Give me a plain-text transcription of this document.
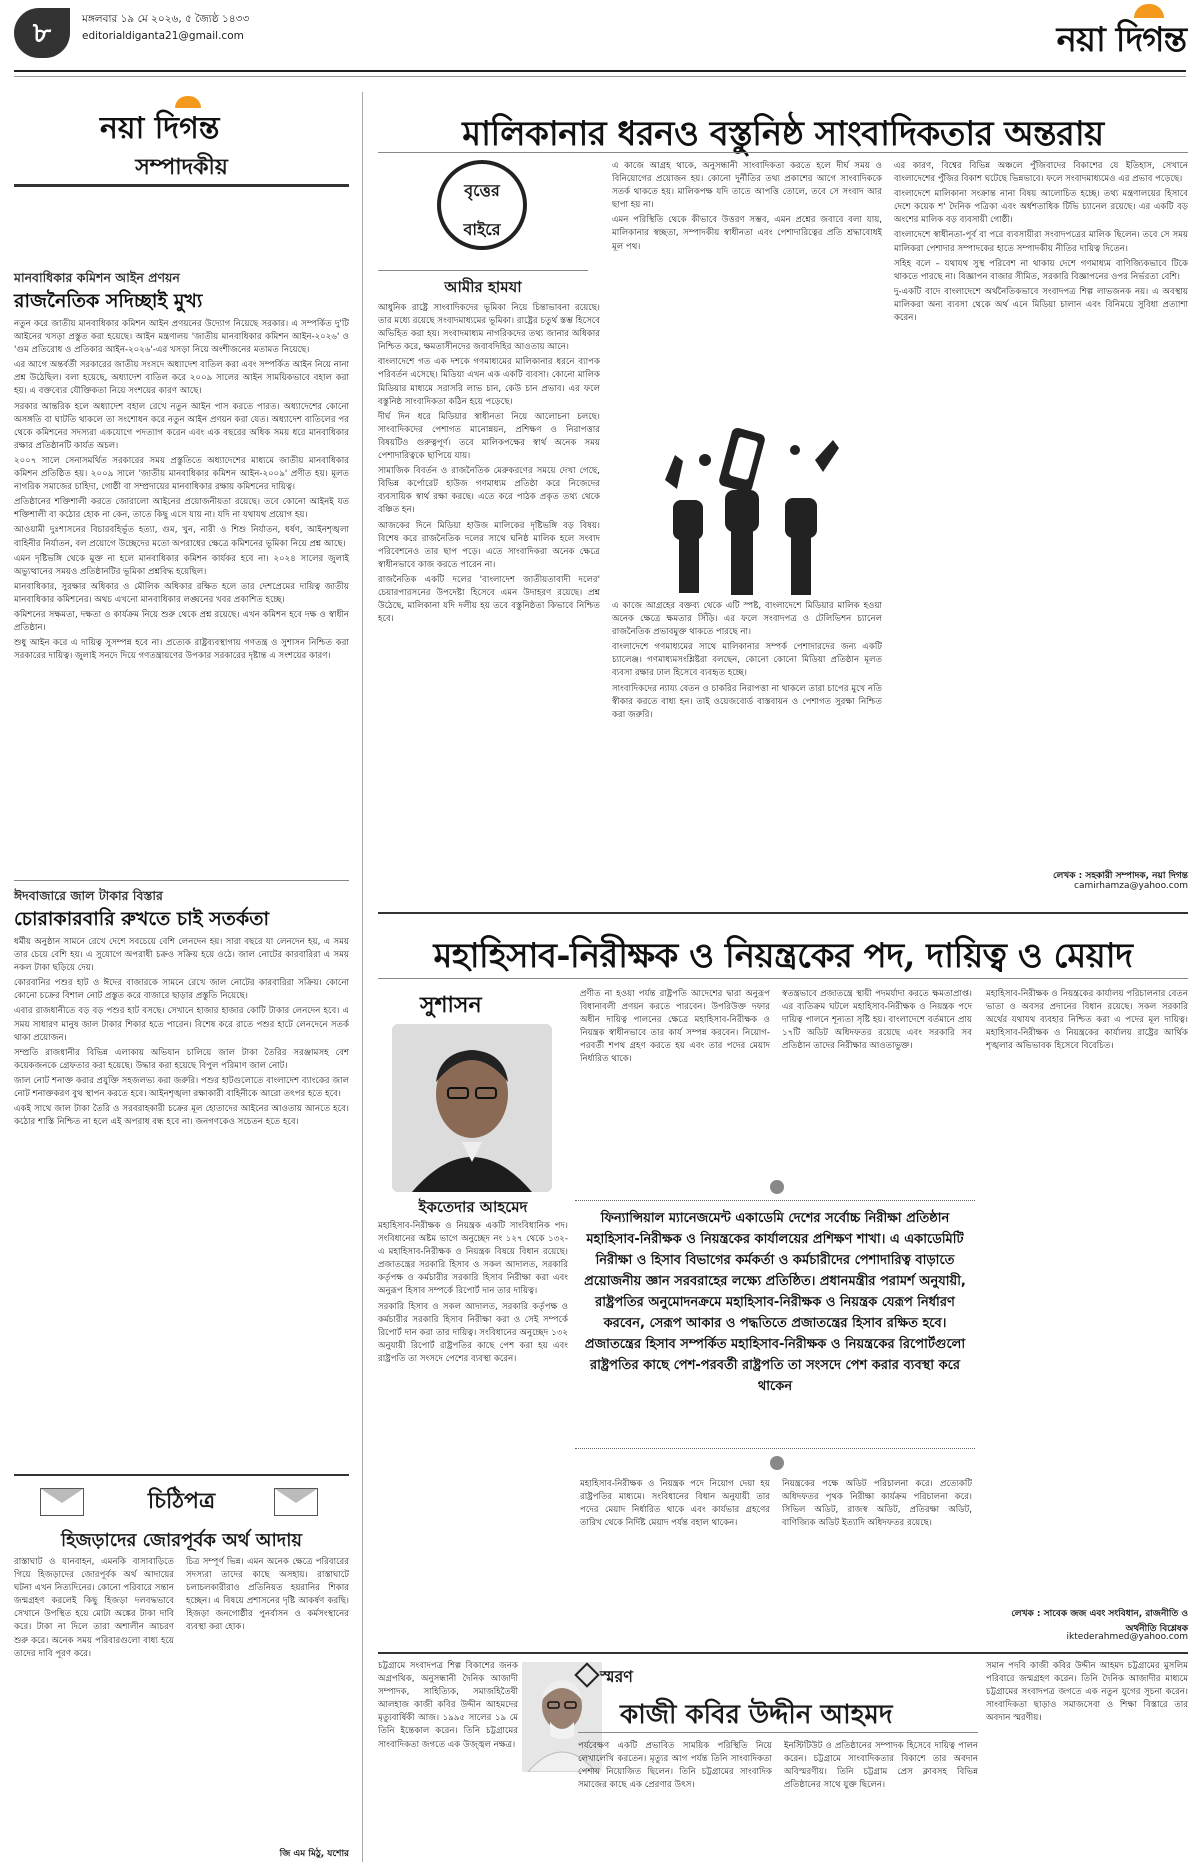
৮	মঙ্গলবার ১৯ মে ২০২৬, ৫ জ্যৈষ্ঠ ১৪৩৩
editorialdiganta21@gmail.com	নয়া দিগন্ত
নয়া দিগন্ত
সম্পাদকীয়
মানবাধিকার কমিশন আইন প্রণয়ন
রাজনৈতিক সদিচ্ছাই মুখ্য

নতুন করে জাতীয় মানবাধিকার কমিশন আইন প্রণয়নের উদ্যোগ নিয়েছে সরকার। এ সম্পর্কিত দু'টি আইনের খসড়া প্রস্তুত করা হয়েছে। আইন মন্ত্রণালয় 'জাতীয় মানবাধিকার কমিশন আইন-২০২৬' ও 'গুম প্রতিরোধ ও প্রতিকার আইন-২০২৬'-এর খসড়া নিয়ে অংশীজনের মতামত নিয়েছে।

এর আগে অন্তর্বর্তী সরকারের জাতীয় সংসদে অধ্যাদেশ বাতিল করা এবং সম্পর্কিত আইন নিয়ে নানা প্রশ্ন উঠেছিল। বলা হয়েছে, অধ্যাদেশ বাতিল করে ২০০৯ সালের আইন সাময়িকভাবে বহাল করা হয়। এ বক্তব্যের যৌক্তিকতা নিয়ে সংশয়ের কারণ আছে।

সরকার আন্তরিক হলে অধ্যাদেশ বহাল রেখে নতুন আইন পাস করতে পারত। অধ্যাদেশের কোনো অসঙ্গতি বা ঘাটতি থাকলে তা সংশোধন করে নতুন আইন প্রণয়ন করা যেত। অধ্যাদেশ বাতিলের পর থেকে কমিশনের সদস্যরা একযোগে পদত্যাগ করেন এবং এক বছরের অধিক সময় ধরে মানবাধিকার রক্ষার প্রতিষ্ঠানটি কার্যত অচল।

২০০৭ সালে সেনাসমর্থিত সরকারের সময় প্রস্তুতিতে অধ্যাদেশের মাধ্যমে জাতীয় মানবাধিকার কমিশন প্রতিষ্ঠিত হয়। ২০০৯ সালে 'জাতীয় মানবাধিকার কমিশন আইন-২০০৯' প্রণীত হয়। মূলত নাগরিক সমাজের চাহিদা, গোষ্ঠী বা সম্প্রদায়ের মানবাধিকার রক্ষায় কমিশনের দায়িত্ব।

প্রতিষ্ঠানের শক্তিশালী করতে জোরালো আইনের প্রয়োজনীয়তা রয়েছে। তবে কোনো আইনই যত শক্তিশালী বা কঠোর হোক না কেন, তাতে কিছু এসে যায় না। যদি না যথাযথ প্রয়োগ হয়।

আওয়ামী দুঃশাসনের বিচারবহির্ভূত হত্যা, গুম, খুন, নারী ও শিশু নির্যাতন, ধর্ষণ, আইনশৃঙ্খলা বাহিনীর নির্যাতন, বল প্রয়োগে উচ্ছেদের মতো অপরাধের ক্ষেত্রে কমিশনের ভূমিকা নিয়ে প্রশ্ন আছে।

এমন দৃষ্টিভঙ্গি থেকে মুক্ত না হলে মানবাধিকার কমিশন কার্যকর হবে না। ২০২৪ সালের জুলাই অভ্যুত্থানের সময়ও প্রতিষ্ঠানটির ভূমিকা প্রশ্নবিদ্ধ হয়েছিল।

মানবাধিকার, সুরক্ষার অধিকার ও মৌলিক অধিকার রক্ষিত হলে তার দেশপ্রেমের দায়িত্ব জাতীয় মানবাধিকার কমিশনের। অথচ এখনো মানবাধিকার লঙ্ঘনের খবর প্রকাশিত হচ্ছে।

কমিশনের সক্ষমতা, দক্ষতা ও কার্যক্রম নিয়ে শুরু থেকে প্রশ্ন রয়েছে। এখন কমিশন হবে দক্ষ ও স্বাধীন প্রতিষ্ঠান।

শুধু আইন করে এ দায়িত্ব সুসম্পন্ন হবে না। প্রত্যেক রাষ্ট্রব্যবস্থাগায় গণতন্ত্র ও সুশাসন নিশ্চিত করা সরকারের দায়িত্ব। জুলাই সনদে দিয়ে গণতন্ত্রায়ণের উপকার সরকারের দৃষ্টান্ত এ সংশয়ের কারণ।

ঈদবাজারে জাল টাকার বিস্তার
চোরাকারবারি রুখতে চাই সতর্কতা

ধর্মীয় অনুষ্ঠান সামনে রেখে দেশে সবচেয়ে বেশি লেনদেন হয়। সারা বছরে যা লেনদেন হয়, এ সময় তার চেয়ে বেশি হয়। এ সুযোগে অপরাধী চক্রও সক্রিয় হয়ে ওঠে। জাল নোটের কারবারিরা এ সময় নকল টাকা ছড়িয়ে দেয়।

কোরবানির পশুর হাট ও ঈদের বাজারকে সামনে রেখে জাল নোটের কারবারিরা সক্রিয়। কোনো কোনো চক্রের বিশাল নোট প্রস্তুত করে বাজারে ছাড়ার প্রস্তুতি নিয়েছে।

এবার রাজধানীতে বড় বড় পশুর হাট বসছে। সেখানে হাজার হাজার কোটি টাকার লেনদেন হবে। এ সময় সাধারণ মানুষ জাল টাকার শিকার হতে পারেন। বিশেষ করে রাতে পশুর হাটে লেনদেনে সতর্ক থাকা প্রয়োজন।

সম্প্রতি রাজধানীর বিভিন্ন এলাকায় অভিযান চালিয়ে জাল টাকা তৈরির সরঞ্জামসহ বেশ কয়েকজনকে গ্রেফতার করা হয়েছে। উদ্ধার করা হয়েছে বিপুল পরিমাণ জাল নোট।

জাল নোট শনাক্ত করার প্রযুক্তি সহজলভ্য করা জরুরি। পশুর হাটগুলোতে বাংলাদেশ ব্যাংকের জাল নোট শনাক্তকরণ বুথ স্থাপন করতে হবে। আইনশৃঙ্খলা রক্ষাকারী বাহিনীকে আরো তৎপর হতে হবে।

একই সাথে জাল টাকা তৈরি ও সরবরাহকারী চক্রের মূল হোতাদের আইনের আওতায় আনতে হবে। কঠোর শাস্তি নিশ্চিত না হলে এই অপরাধ বন্ধ হবে না। জনগণকেও সচেতন হতে হবে।

চিঠিপত্র
হিজড়াদের জোরপূর্বক অর্থ আদায়
রাস্তাঘাট ও যানবাহন, এমনকি বাসাবাড়িতে গিয়ে হিজড়াদের জোরপূর্বক অর্থ আদায়ের ঘটনা এখন নিত্যদিনের। কোনো পরিবারে সন্তান জন্মগ্রহণ করলেই কিছু হিজড়া দলবদ্ধভাবে সেখানে উপস্থিত হয়ে মোটা অঙ্কের টাকা দাবি করে। টাকা না দিলে তারা অশালীন আচরণ শুরু করে। অনেক সময় পরিবারগুলো বাধ্য হয়ে তাদের দাবি পূরণ করে।
চিত্র সম্পূর্ণ ভিন্ন। এমন অনেক ক্ষেত্রে পরিবারের সদস্যরা তাদের কাছে অসহায়। রাস্তাঘাটে চলাচলকারীরাও প্রতিনিয়ত হয়রানির শিকার হচ্ছেন। এ বিষয়ে প্রশাসনের দৃষ্টি আকর্ষণ করছি। হিজড়া জনগোষ্ঠীর পুনর্বাসন ও কর্মসংস্থানের ব্যবস্থা করা হোক।
জি এম মিঠু, যশোর
মালিকানার ধরনও বস্তুনিষ্ঠ সাংবাদিকতার অন্তরায়
বৃত্তের
বাইরে
আমীর হামযা

আধুনিক রাষ্ট্রে সাংবাদিকদের ভূমিকা নিয়ে চিন্তাভাবনা রয়েছে। তার মধ্যে রয়েছে সংবাদমাধ্যমের ভূমিকা। রাষ্ট্রের চতুর্থ স্তম্ভ হিসেবে অভিহিত করা হয়। সংবাদমাধ্যম নাগরিকদের তথ্য জানার অধিকার নিশ্চিত করে, ক্ষমতাসীনদের জবাবদিহির আওতায় আনে।

বাংলাদেশে গত এক দশকে গণমাধ্যমের মালিকানার ধরনে ব্যাপক পরিবর্তন এসেছে। মিডিয়া এখন এক একটি ব্যবসা। কোনো মালিক মিডিয়ার মাধ্যমে সরাসরি লাভ চান, কেউ চান প্রভাব। এর ফলে বস্তুনিষ্ঠ সাংবাদিকতা কঠিন হয়ে পড়েছে।

দীর্ঘ দিন ধরে মিডিয়ার স্বাধীনতা নিয়ে আলোচনা চলছে। সাংবাদিকদের পেশাগত মানোন্নয়ন, প্রশিক্ষণ ও নিরাপত্তার বিষয়টিও গুরুত্বপূর্ণ। তবে মালিকপক্ষের স্বার্থ অনেক সময় পেশাদারিত্বকে ছাপিয়ে যায়।

সামাজিক বিবর্তন ও রাজনৈতিক মেরুকরণের সময়ে দেখা গেছে, বিভিন্ন কর্পোরেট হাউজ গণমাধ্যম প্রতিষ্ঠা করে নিজেদের ব্যবসায়িক স্বার্থ রক্ষা করছে। এতে করে পাঠক প্রকৃত তথ্য থেকে বঞ্চিত হন।

আজকের দিনে মিডিয়া হাউজ মালিকের দৃষ্টিভঙ্গি বড় বিষয়। বিশেষ করে রাজনৈতিক দলের সাথে ঘনিষ্ঠ মালিক হলে সংবাদ পরিবেশনেও তার ছাপ পড়ে। এতে সাংবাদিকরা অনেক ক্ষেত্রে স্বাধীনভাবে কাজ করতে পারেন না।

রাজনৈতিক একটি দলের 'বাংলাদেশ জাতীয়তাবাদী দলের' চেয়ারপারসনের উপদেষ্টা হিসেবে এমন উদাহরণ রয়েছে। প্রশ্ন উঠেছে, মালিকানা যদি দলীয় হয় তবে বস্তুনিষ্ঠতা কিভাবে নিশ্চিত হবে।

এ কাজে আগ্রহ থাকে, অনুসন্ধানী সাংবাদিকতা করতে হলে দীর্ঘ সময় ও বিনিয়োগের প্রয়োজন হয়। কোনো দুর্নীতির তথ্য প্রকাশের আগে সাংবাদিককে সতর্ক থাকতে হয়। মালিকপক্ষ যদি তাতে আপত্তি তোলে, তবে সে সংবাদ আর ছাপা হয় না।

এমন পরিস্থিতি থেকে কীভাবে উত্তরণ সম্ভব, এমন প্রশ্নের জবাবে বলা যায়, মালিকানার স্বচ্ছতা, সম্পাদকীয় স্বাধীনতা এবং পেশাদারিত্বের প্রতি শ্রদ্ধাবোধই মূল পথ।

এ কাজে আগ্রহের বক্তব্য থেকে এটি স্পষ্ট, বাংলাদেশে মিডিয়ার মালিক হওয়া অনেক ক্ষেত্রে ক্ষমতার সিঁড়ি। এর ফলে সংবাদপত্র ও টেলিভিশন চ্যানেল রাজনৈতিক প্রভাবমুক্ত থাকতে পারছে না।

বাংলাদেশে গণমাধ্যমের সাথে মালিকানার সম্পর্ক পেশাদারদের জন্য একটি চ্যালেঞ্জ। গণমাধ্যমসংশ্লিষ্টরা বলছেন, কোনো কোনো মিডিয়া প্রতিষ্ঠান মূলত ব্যবসা রক্ষার ঢাল হিসেবে ব্যবহৃত হচ্ছে।

সাংবাদিকদের ন্যায্য বেতন ও চাকরির নিরাপত্তা না থাকলে তারা চাপের মুখে নতি স্বীকার করতে বাধ্য হন। তাই ওয়েজবোর্ড বাস্তবায়ন ও পেশাগত সুরক্ষা নিশ্চিত করা জরুরি।

এর কারণ, বিশ্বের বিভিন্ন অঞ্চলে পুঁজিবাদের বিকাশের যে ইতিহাস, সেখানে বাংলাদেশের পুঁজির বিকাশ ঘটেছে ভিন্নভাবে। ফলে সংবাদমাধ্যমেও এর প্রভাব পড়েছে।

বাংলাদেশে মালিকানা সংক্রান্ত নানা বিষয় আলোচিত হচ্ছে। তথ্য মন্ত্রণালয়ের হিসাবে দেশে কয়েক শ' দৈনিক পত্রিকা এবং অর্ধশতাধিক টিভি চ্যানেল রয়েছে। এর একটি বড় অংশের মালিক বড় ব্যবসায়ী গোষ্ঠী।

বাংলাদেশে স্বাধীনতা-পূর্ব বা পরে ব্যবসায়ীরা সংবাদপত্রের মালিক ছিলেন। তবে সে সময় মালিকরা পেশাদার সম্পাদকের হাতে সম্পাদকীয় নীতির দায়িত্ব দিতেন।

সহিহ বলে – যথাযথ সুস্থ পরিবেশ না থাকায় দেশে গণমাধ্যম বাণিজ্যিকভাবে টিকে থাকতে পারছে না। বিজ্ঞাপন বাজার সীমিত, সরকারি বিজ্ঞাপনের ওপর নির্ভরতা বেশি।

দু-একটি বাদে বাংলাদেশে অর্থনৈতিকভাবে সংবাদপত্র শিল্প লাভজনক নয়। এ অবস্থায় মালিকরা অন্য ব্যবসা থেকে অর্থ এনে মিডিয়া চালান এবং বিনিময়ে সুবিধা প্রত্যাশা করেন।

লেখক : সহকারী সম্পাদক, নয়া দিগন্ত
camirhamza@yahoo.com
মহাহিসাব-নিরীক্ষক ও নিয়ন্ত্রকের পদ, দায়িত্ব ও মেয়াদ
সুশাসন
ইকতেদার আহমেদ

মহাহিসাব-নিরীক্ষক ও নিয়ন্ত্রক একটি সাংবিধানিক পদ। সংবিধানের অষ্টম ভাগে অনুচ্ছেদ নং ১২৭ থেকে ১৩২-এ মহাহিসাব-নিরীক্ষক ও নিয়ন্ত্রক বিষয়ে বিধান রয়েছে। প্রজাতন্ত্রের সরকারি হিসাব ও সকল আদালত, সরকারি কর্তৃপক্ষ ও কর্মচারীর সরকারি হিসাব নিরীক্ষা করা এবং অনুরূপ হিসাব সম্পর্কে রিপোর্ট দান তার দায়িত্ব।

সরকারি হিসাব ও সকল আদালত, সরকারি কর্তৃপক্ষ ও কর্মচারীর সরকারি হিসাব নিরীক্ষা করা ও সেই সম্পর্কে রিপোর্ট দান করা তার দায়িত্ব। সংবিধানের অনুচ্ছেদ ১৩২ অনুযায়ী রিপোর্ট রাষ্ট্রপতির কাছে পেশ করা হয় এবং রাষ্ট্রপতি তা সংসদে পেশের ব্যবস্থা করেন।

প্রণীত না হওয়া পর্যন্ত রাষ্ট্রপতি আদেশের দ্বারা অনুরূপ বিধানাবলী প্রণয়ন করতে পারবেন। উপরিউক্ত দফার অধীন দায়িত্ব পালনের ক্ষেত্রে মহাহিসাব-নিরীক্ষক ও নিয়ন্ত্রক স্বাধীনভাবে তার কার্য সম্পন্ন করবেন। নিয়োগ-পরবর্তী শপথ গ্রহণ করতে হয় এবং তার পদের মেয়াদ নির্ধারিত থাকে।
স্বতন্ত্রভাবে প্রজাতন্ত্রে স্থায়ী পদমর্যাদা করতে ক্ষমতাপ্রাপ্ত। এর ব্যতিক্রম ঘটলে মহাহিসাব-নিরীক্ষক ও নিয়ন্ত্রক পদে দায়িত্ব পালনে শূন্যতা সৃষ্টি হয়। বাংলাদেশে বর্তমানে প্রায় ১৭টি অডিট অধিদফতর রয়েছে এবং সরকারি সব প্রতিষ্ঠান তাদের নিরীক্ষার আওতাভুক্ত।
ফিন্যান্সিয়াল ম্যানেজমেন্ট একাডেমি দেশের সর্বোচ্চ নিরীক্ষা প্রতিষ্ঠান মহাহিসাব-নিরীক্ষক ও নিয়ন্ত্রকের কার্যালয়ের প্রশিক্ষণ শাখা। এ একাডেমিটি নিরীক্ষা ও হিসাব বিভাগের কর্মকর্তা ও কর্মচারীদের পেশাদারিত্ব বাড়াতে প্রয়োজনীয় জ্ঞান সরবরাহের লক্ষ্যে প্রতিষ্ঠিত। প্রধানমন্ত্রীর পরামর্শ অনুযায়ী, রাষ্ট্রপতির অনুমোদনক্রমে মহাহিসাব-নিরীক্ষক ও নিয়ন্ত্রক যেরূপ নির্ধারণ করবেন, সেরূপ আকার ও পদ্ধতিতে প্রজাতন্ত্রের হিসাব রক্ষিত হবে। প্রজাতন্ত্রের হিসাব সম্পর্কিত মহাহিসাব-নিরীক্ষক ও নিয়ন্ত্রকের রিপোর্টগুলো রাষ্ট্রপতির কাছে পেশ-পরবর্তী রাষ্ট্রপতি তা সংসদে পেশ করার ব্যবস্থা করে থাকেন
মহাহিসাব-নিরীক্ষক ও নিয়ন্ত্রক পদে নিয়োগ দেয়া হয় রাষ্ট্রপতির মাধ্যমে। সংবিধানের বিধান অনুযায়ী তার পদের মেয়াদ নির্ধারিত থাকে এবং কার্যভার গ্রহণের তারিখ থেকে নির্দিষ্ট মেয়াদ পর্যন্ত বহাল থাকেন।
নিয়ন্ত্রকের পক্ষে অডিট পরিচালনা করে। প্রত্যেকটি অধিদফতর পৃথক নিরীক্ষা কার্যক্রম পরিচালনা করে। সিভিল অডিট, রাজস্ব অডিট, প্রতিরক্ষা অডিট, বাণিজ্যিক অডিট ইত্যাদি অধিদফতর রয়েছে।
মহাহিসাব-নিরীক্ষক ও নিয়ন্ত্রকের কার্যালয় পরিচালনার বেতন ভাতা ও অবসর প্রদানের বিধান রয়েছে। সকল সরকারি অর্থের যথাযথ ব্যবহার নিশ্চিত করা এ পদের মূল দায়িত্ব। মহাহিসাব-নিরীক্ষক ও নিয়ন্ত্রকের কার্যালয় রাষ্ট্রের আর্থিক শৃঙ্খলার অভিভাবক হিসেবে বিবেচিত।
লেখক : সাবেক জজ এবং সংবিধান, রাজনীতি ও অর্থনীতি বিশ্লেষক
iktederahmed@yahoo.com
চট্টগ্রামে সংবাদপত্র শিল্প বিকাশের জনক অগ্রপথিক, অনুসন্ধানী দৈনিক আজাদী সম্পাদক, সাহিত্যিক, সমাজহিতৈষী আলহাজ কাজী কবির উদ্দীন আহমদের মৃত্যুবার্ষিকী আজ। ১৯৯৫ সালের ১৯ মে তিনি ইন্তেকাল করেন। তিনি চট্টগ্রামের সাংবাদিকতা জগতে এক উজ্জ্বল নক্ষত্র।
স্মরণ
কাজী কবির উদ্দীন আহমদ
পর্যবেক্ষণ একটি প্রভাবিত সাময়িক পরিস্থিতি নিয়ে লেখালেখি করতেন। মৃত্যুর আগ পর্যন্ত তিনি সাংবাদিকতা পেশায় নিয়োজিত ছিলেন। তিনি চট্টগ্রামের সাংবাদিক সমাজের কাছে এক প্রেরণার উৎস।
ইনস্টিটিউট ও প্রতিষ্ঠানের সম্পাদক হিসেবে দায়িত্ব পালন করেন। চট্টগ্রামে সাংবাদিকতার বিকাশে তার অবদান অবিস্মরণীয়। তিনি চট্টগ্রাম প্রেস ক্লাবসহ বিভিন্ন প্রতিষ্ঠানের সাথে যুক্ত ছিলেন।
সমান পদবি কাজী কবির উদ্দীন আহমদ চট্টগ্রামের মুসলিম পরিবারে জন্মগ্রহণ করেন। তিনি দৈনিক আজাদীর মাধ্যমে চট্টগ্রামের সংবাদপত্র জগতে এক নতুন যুগের সূচনা করেন। সাংবাদিকতা ছাড়াও সমাজসেবা ও শিক্ষা বিস্তারে তার অবদান স্মরণীয়।
